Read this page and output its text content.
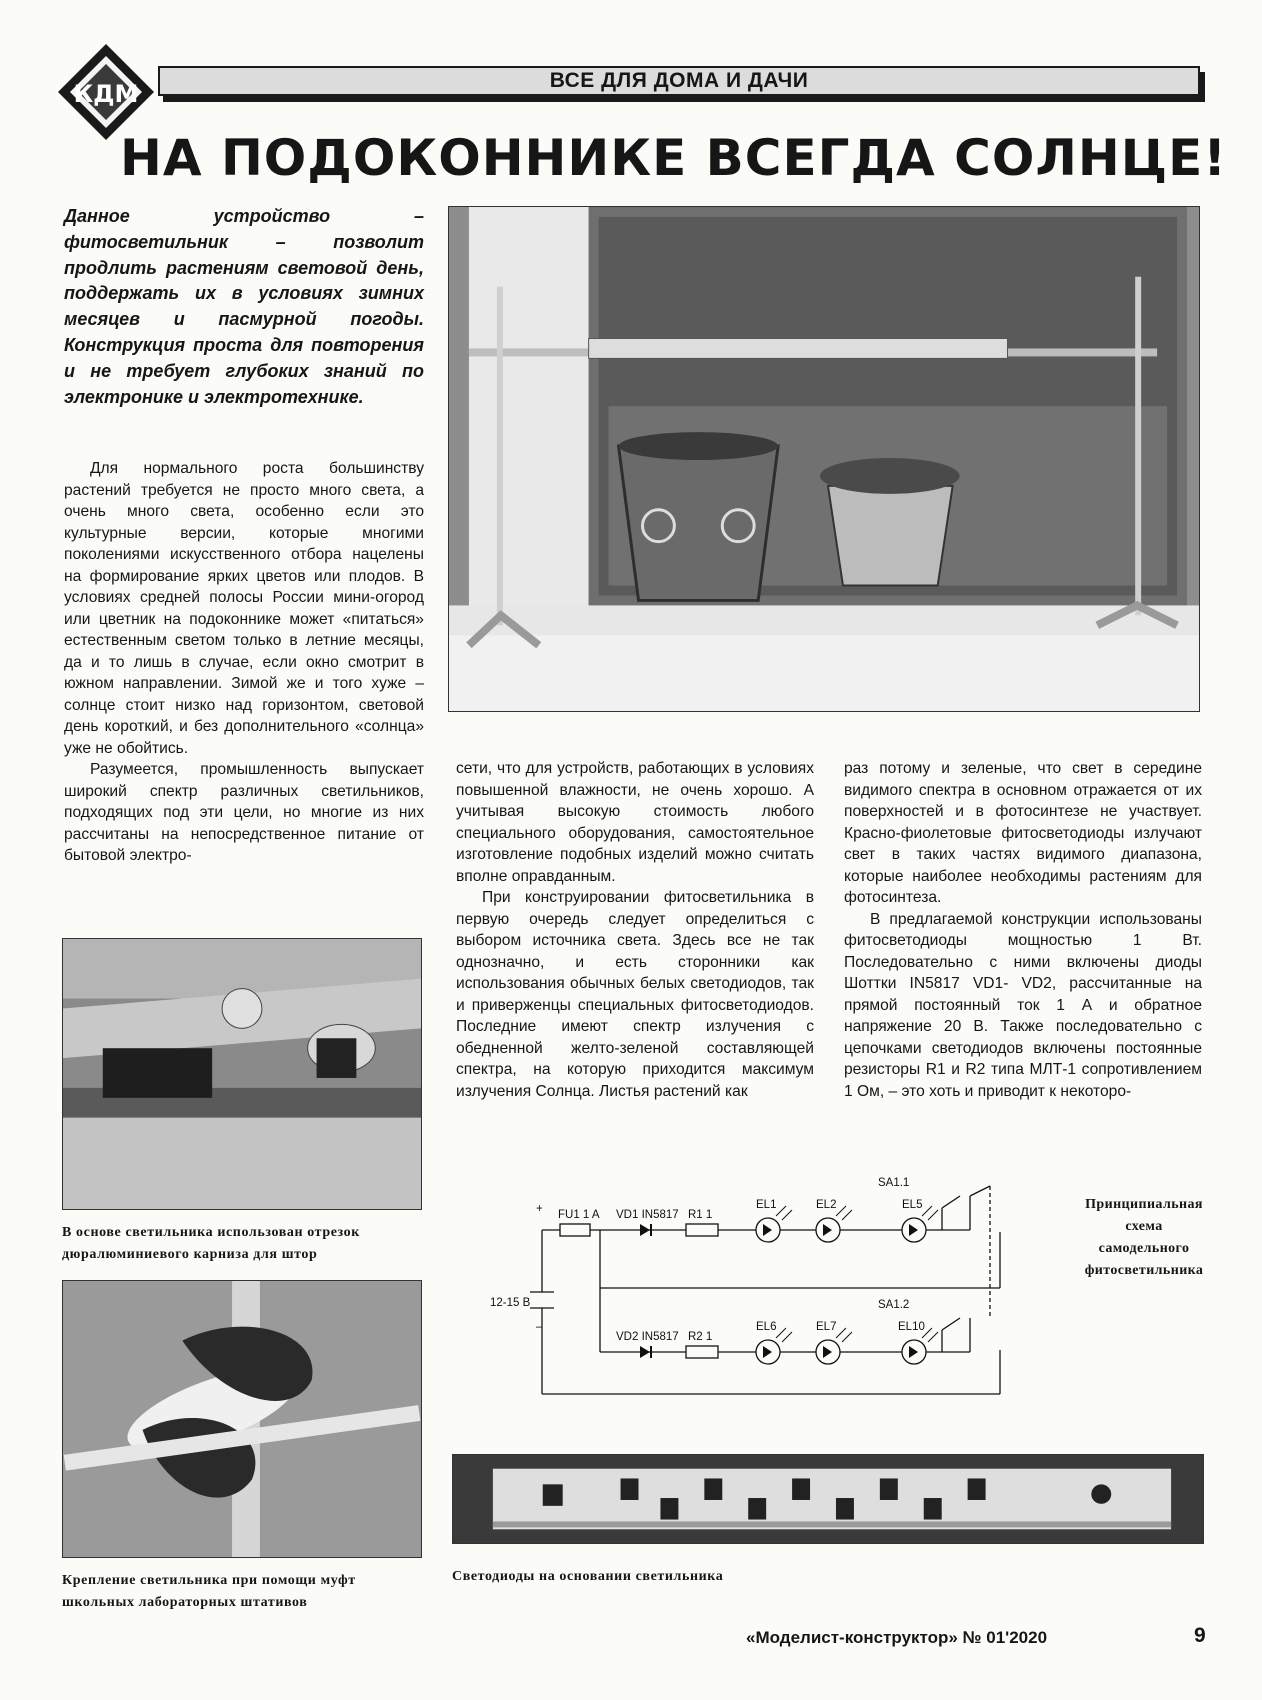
КДМ	ВСЕ ДЛЯ ДОМА И ДАЧИ
НА ПОДОКОННИКЕ ВСЕГДА СОЛНЦЕ!
Данное устройство – фитосветильник – позволит продлить растениям световой день, поддержать их в условиях зимних месяцев и пасмурной погоды. Конструкция проста для повторения и не требует глубоких знаний по электронике и электротехнике.

Для нормального роста большинству растений требуется не просто много света, а очень много света, особенно если это культурные версии, которые многими поколениями искусственного отбора нацелены на формирование ярких цветов или плодов. В условиях средней полосы России мини-огород или цветник на подоконнике может «питаться» естественным светом только в летние месяцы, да и то лишь в случае, если окно смотрит в южном направлении. Зимой же и того хуже – солнце стоит низко над горизонтом, световой день короткий, и без дополнительного «солнца» уже не обойтись.

Разумеется, промышленность выпускает широкий спектр различных светильников, подходящих под эти цели, но многие из них рассчитаны на непосредственное питание от бытовой электро-

сети, что для устройств, работающих в условиях повышенной влажности, не очень хорошо. А учитывая высокую стоимость любого специального оборудования, самостоятельное изготовление подобных изделий можно считать вполне оправданным.

При конструировании фитосветильника в первую очередь следует определиться с выбором источника света. Здесь все не так однозначно, и есть сторонники как использования обычных белых светодиодов, так и приверженцы специальных фитосветодиодов. Последние имеют спектр излучения с обедненной желто-зеленой составляющей спектра, на которую приходится максимум излучения Солнца. Листья растений как

раз потому и зеленые, что свет в середине видимого спектра в основном отражается от их поверхностей и в фотосинтезе не участвует. Красно-фиолетовые фитосветодиоды излучают свет в таких частях видимого диапазона, которые наиболее необходимы растениям для фотосинтеза.

В предлагаемой конструкции использованы фитосветодиоды мощностью 1 Вт. Последовательно с ними включены диоды Шоттки IN5817 VD1- VD2, рассчитанные на прямой постоянный ток 1 А и обратное напряжение 20 В. Также последовательно с цепочками светодиодов включены постоянные резисторы R1 и R2 типа МЛТ-1 сопротивлением 1 Ом, – это хоть и приводит к некоторо-

В основе светильника использован отрезок дюралюминиевого карниза для штор
Крепление светильника при помощи муфт школьных лабораторных штативов
+
–
12-15 В
FU1 1 A VD1 IN5817 R1 1
VD2 IN5817 R2 1
EL1	EL2	EL5
EL6	EL7	EL10
SA1.1
SA1.2
Принципиальная схема самодельного фитосветильника
Светодиоды на основании светильника
«Моделист-конструктор» № 01'2020	9
